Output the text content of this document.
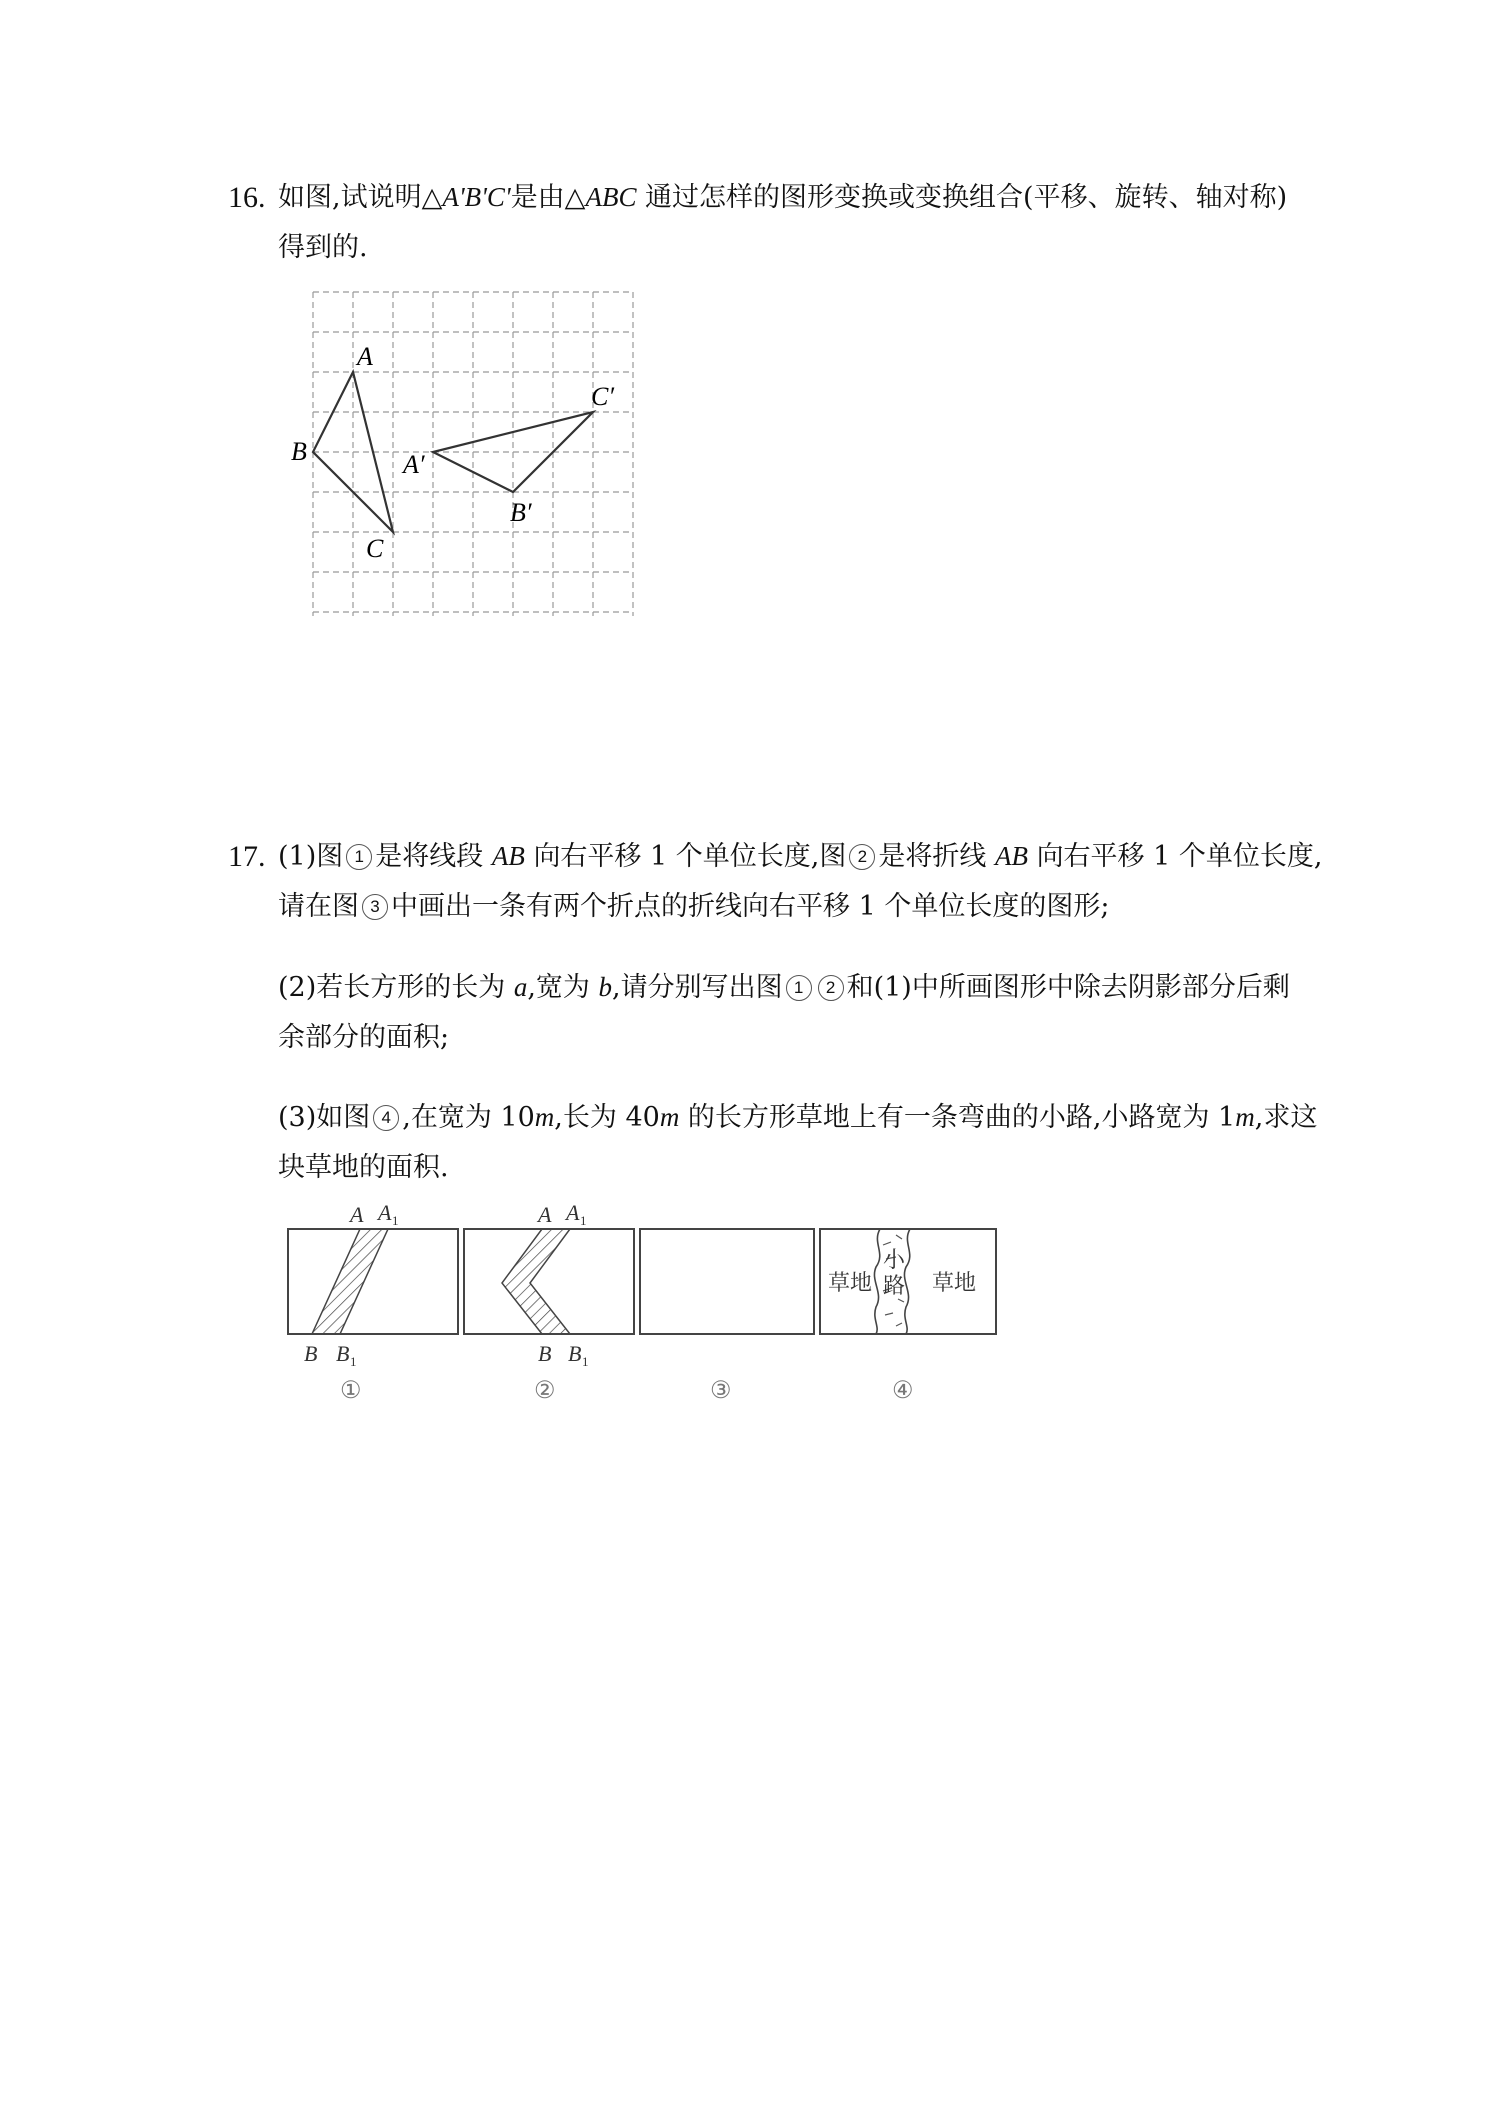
16. 如图,试说明△A'B'C'是由△ABC 通过怎样的图形变换或变换组合(平移、旋转、轴对称)
得到的.
A
B
C
A′
B′
C′
17. (1)图 1 是将线段 AB 向右平移 1 个单位长度,图 2 是将折线 AB 向右平移 1 个单位长度,
请在图 3 中画出一条有两个折点的折线向右平移 1 个单位长度的图形;
(2)若长方形的长为 a,宽为 b,请分别写出图 1 2 和(1)中所画图形中除去阴影部分后剩
余部分的面积;
(3)如图 4 ,在宽为 10m,长为 40m 的长方形草地上有一条弯曲的小路,小路宽为 1m,求这
块草地的面积.
A A 1
B B 1
①
A A 1
B B 1
②	③
草地
小
路 草地
④
